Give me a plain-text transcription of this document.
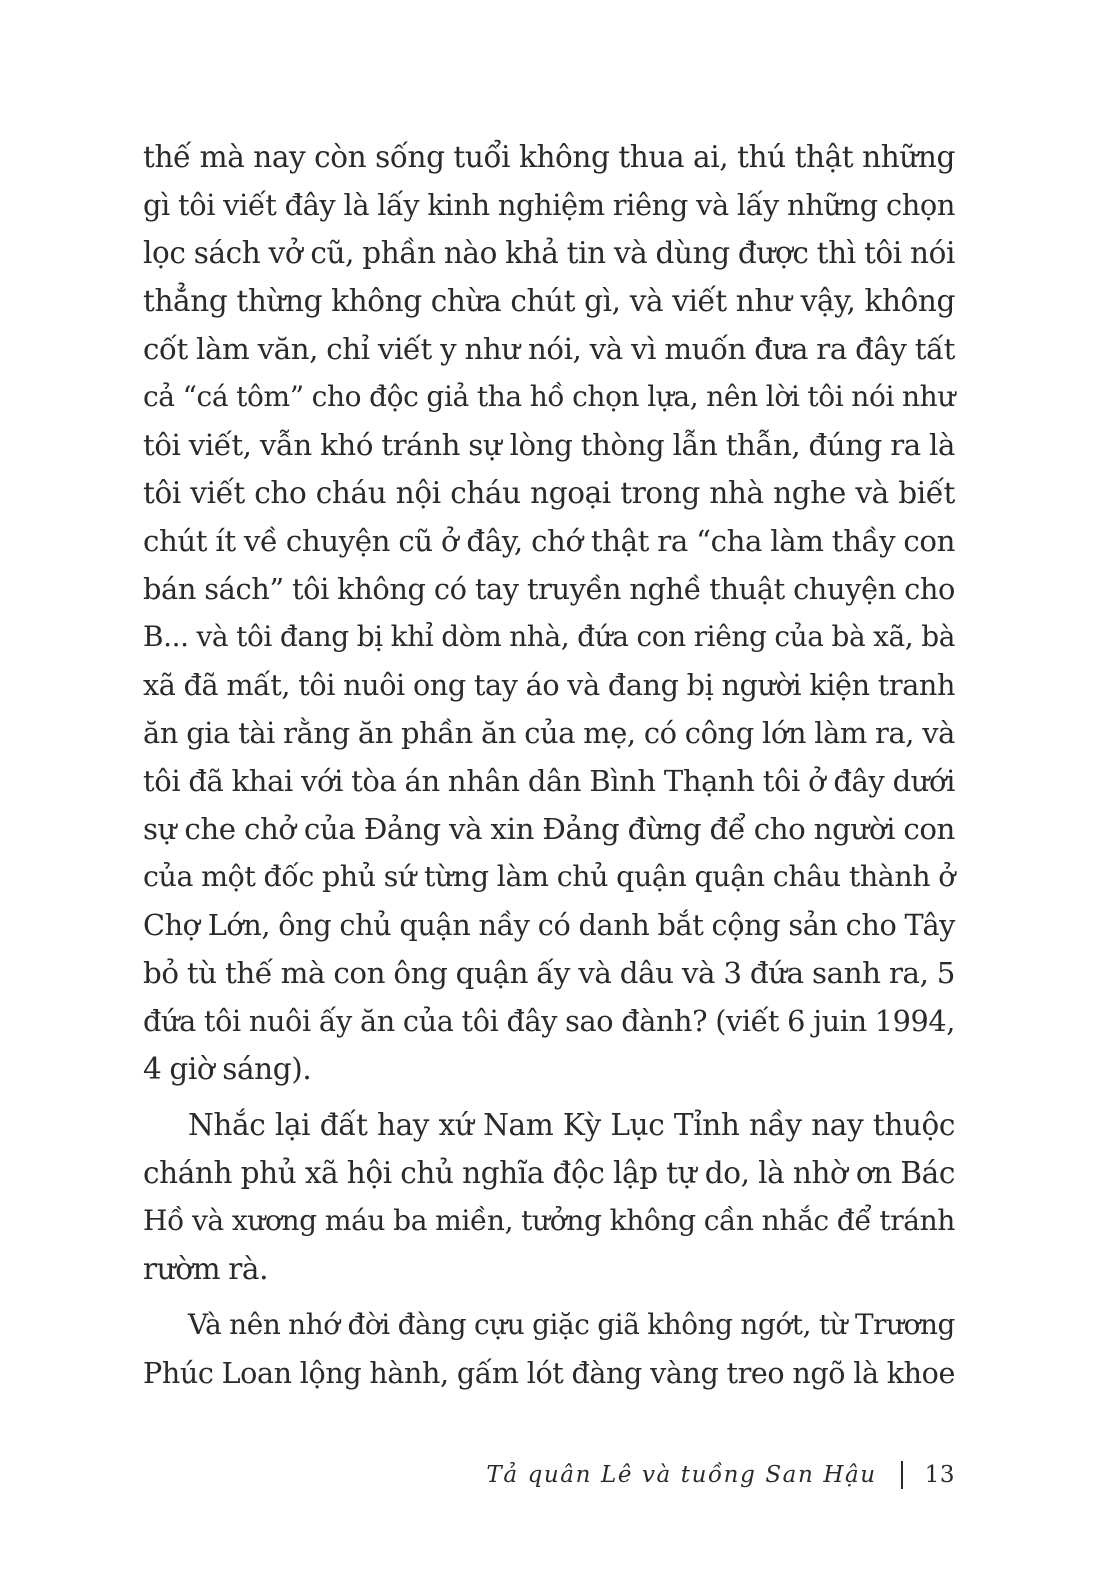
thế mà nay còn sống tuổi không thua ai, thú thật những
gì tôi viết đây là lấy kinh nghiệm riêng và lấy những chọn
lọc sách vở cũ, phần nào khả tin và dùng được thì tôi nói
thẳng thừng không chừa chút gì, và viết như vậy, không
cốt làm văn, chỉ viết y như nói, và vì muốn đưa ra đây tất
cả “cá tôm” cho độc giả tha hồ chọn lựa, nên lời tôi nói như
tôi viết, vẫn khó tránh sự lòng thòng lẫn thẫn, đúng ra là
tôi viết cho cháu nội cháu ngoại trong nhà nghe và biết
chút ít về chuyện cũ ở đây, chớ thật ra “cha làm thầy con
bán sách” tôi không có tay truyền nghề thuật chuyện cho
B... và tôi đang bị khỉ dòm nhà, đứa con riêng của bà xã, bà
xã đã mất, tôi nuôi ong tay áo và đang bị người kiện tranh
ăn gia tài rằng ăn phần ăn của mẹ, có công lớn làm ra, và
tôi đã khai với tòa án nhân dân Bình Thạnh tôi ở đây dưới
sự che chở của Đảng và xin Đảng đừng để cho người con
của một đốc phủ sứ từng làm chủ quận quận châu thành ở
Chợ Lớn, ông chủ quận nầy có danh bắt cộng sản cho Tây
bỏ tù thế mà con ông quận ấy và dâu và 3 đứa sanh ra, 5
đứa tôi nuôi ấy ăn của tôi đây sao đành? (viết 6 juin 1994,
4 giờ sáng).

Nhắc lại đất hay xứ Nam Kỳ Lục Tỉnh nầy nay thuộc
chánh phủ xã hội chủ nghĩa độc lập tự do, là nhờ ơn Bác
Hồ và xương máu ba miền, tưởng không cần nhắc để tránh
rườm rà.

Và nên nhớ đời đàng cựu giặc giã không ngớt, từ Trương
Phúc Loan lộng hành, gấm lót đàng vàng treo ngõ là khoe

Tả quân Lê và tuồng San Hậu 13
